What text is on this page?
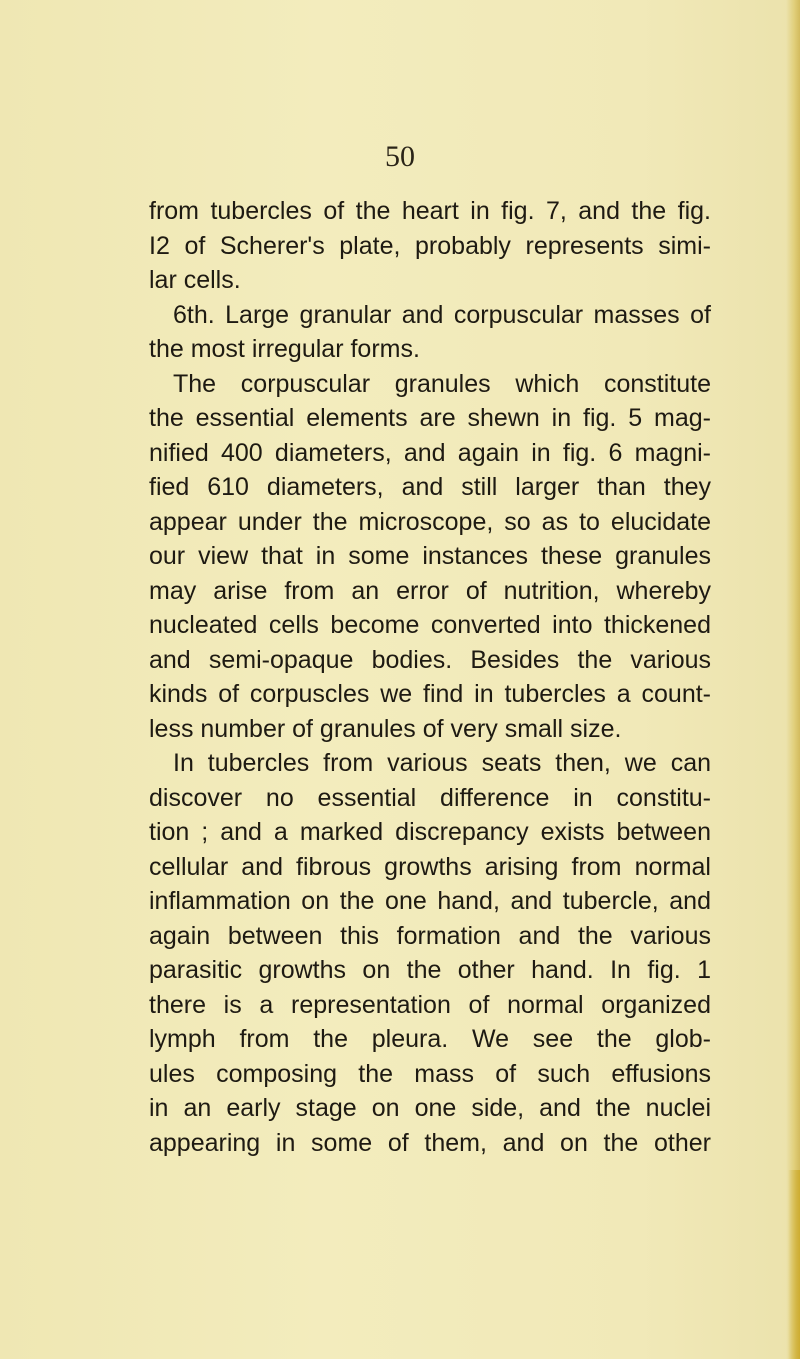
50

from tubercles of the heart in fig. 7, and the fig.
I2 of Scherer's plate, probably represents simi-
lar cells.
6th. Large granular and corpuscular masses of
the most irregular forms.
The corpuscular granules which constitute
the essential elements are shewn in fig. 5 mag-
nified 400 diameters, and again in fig. 6 magni-
fied 610 diameters, and still larger than they
appear under the microscope, so as to elucidate
our view that in some instances these granules
may arise from an error of nutrition, whereby
nucleated cells become converted into thickened
and semi-opaque bodies. Besides the various
kinds of corpuscles we find in tubercles a count-
less number of granules of very small size.
In tubercles from various seats then, we can
discover no essential difference in constitu-
tion ; and a marked discrepancy exists between
cellular and fibrous growths arising from normal
inflammation on the one hand, and tubercle, and
again between this formation and the various
parasitic growths on the other hand. In fig. 1
there is a representation of normal organized
lymph from the pleura. We see the glob-
ules composing the mass of such effusions
in an early stage on one side, and the nuclei
appearing in some of them, and on the other
